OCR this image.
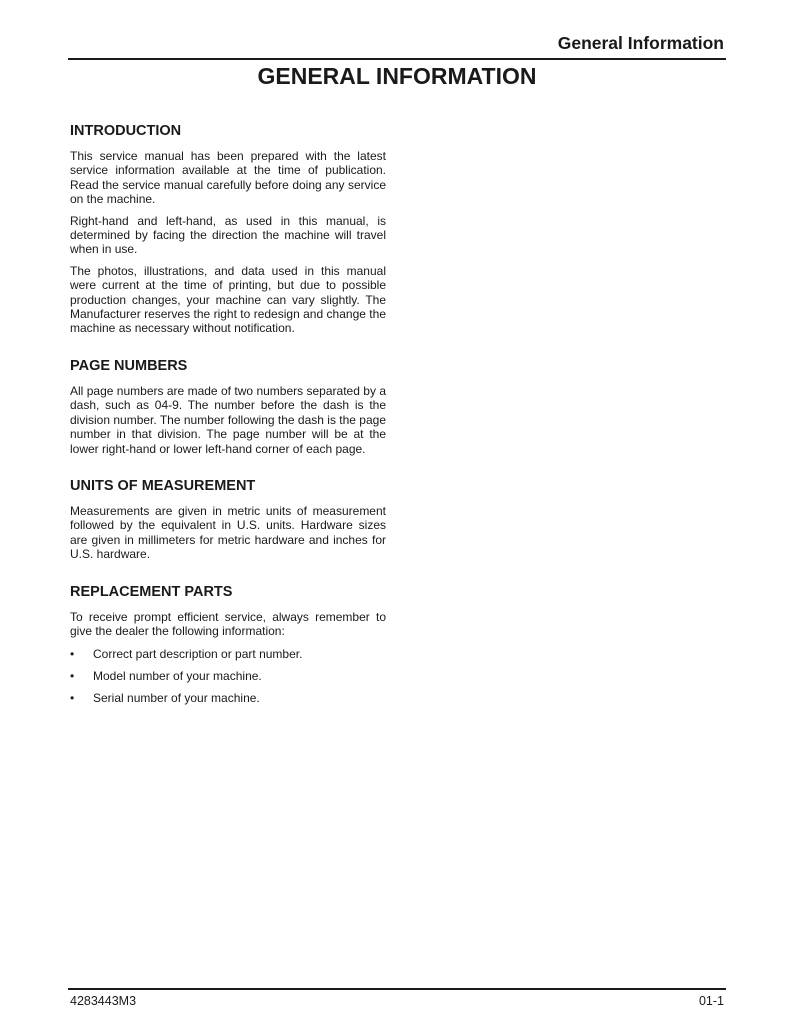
General Information
GENERAL INFORMATION
INTRODUCTION

This service manual has been prepared with the latest service information available at the time of publication. Read the service manual carefully before doing any service on the machine.

Right-hand and left-hand, as used in this manual, is determined by facing the direction the machine will travel when in use.

The photos, illustrations, and data used in this manual were current at the time of printing, but due to possible production changes, your machine can vary slightly. The Manufacturer reserves the right to redesign and change the machine as necessary without notification.

PAGE NUMBERS

All page numbers are made of two numbers separated by a dash, such as 04-9. The number before the dash is the division number. The number following the dash is the page number in that division. The page number will be at the lower right-hand or lower left-hand corner of each page.

UNITS OF MEASUREMENT

Measurements are given in metric units of measurement followed by the equivalent in U.S. units. Hardware sizes are given in millimeters for metric hardware and inches for U.S. hardware.

REPLACEMENT PARTS

To receive prompt efficient service, always remember to give the dealer the following information:

•	Correct part description or part number.
•	Model number of your machine.
•	Serial number of your machine.
4283443M3	01-1
